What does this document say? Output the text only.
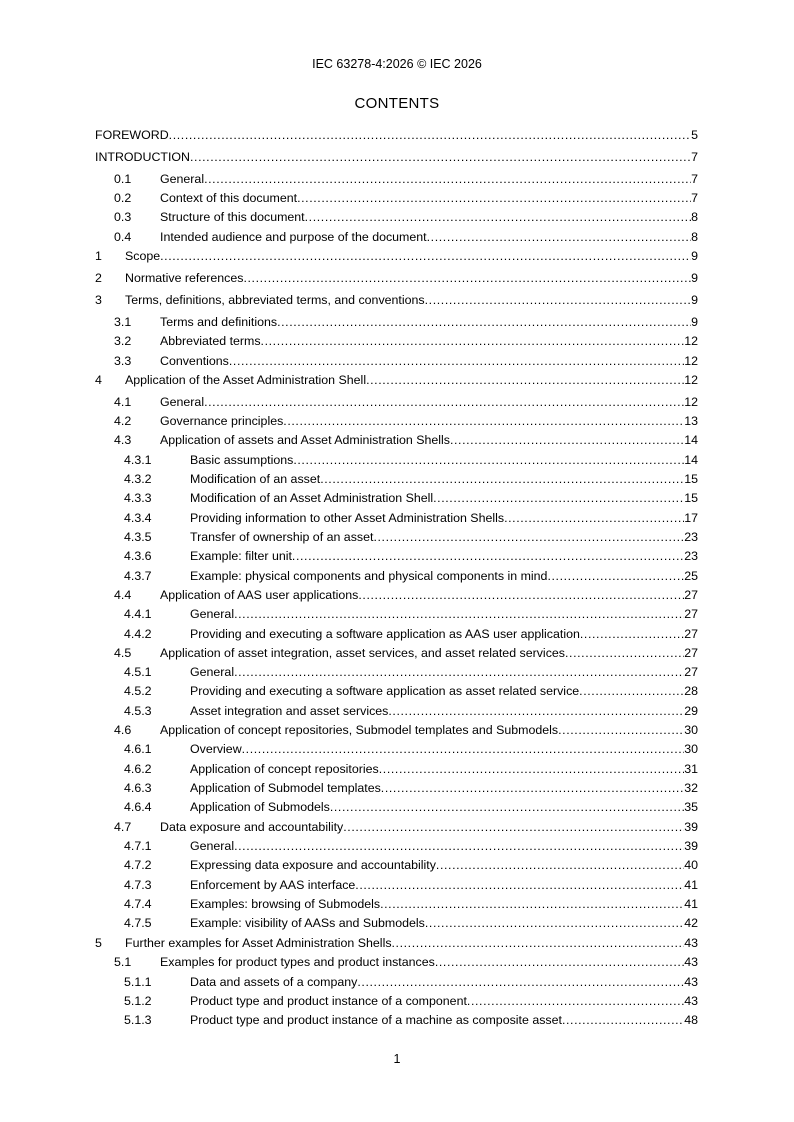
IEC 63278-4:2026 © IEC 2026
CONTENTS
FOREWORD .....	5
INTRODUCTION .....	7
0.1	General .....	7
0.2	Context of this document .....	7
0.3	Structure of this document .....	8
0.4	Intended audience and purpose of the document .....	8
1	Scope .....	9
2	Normative references .....	9
3	Terms, definitions, abbreviated terms, and conventions .....	9
3.1	Terms and definitions .....	9
3.2	Abbreviated terms .....	12
3.3	Conventions .....	12
4	Application of the Asset Administration Shell .....	12
4.1	General .....	12
4.2	Governance principles .....	13
4.3	Application of assets and Asset Administration Shells .....	14
4.3.1	Basic assumptions .....	14
4.3.2	Modification of an asset .....	15
4.3.3	Modification of an Asset Administration Shell .....	15
4.3.4	Providing information to other Asset Administration Shells .....	17
4.3.5	Transfer of ownership of an asset .....	23
4.3.6	Example: filter unit .....	23
4.3.7	Example: physical components and physical components in mind .....	25
4.4	Application of AAS user applications .....	27
4.4.1	General .....	27
4.4.2	Providing and executing a software application as AAS user application .....	27
4.5	Application of asset integration, asset services, and asset related services .....	27
4.5.1	General .....	27
4.5.2	Providing and executing a software application as asset related service .....	28
4.5.3	Asset integration and asset services .....	29
4.6	Application of concept repositories, Submodel templates and Submodels .....	30
4.6.1	Overview .....	30
4.6.2	Application of concept repositories .....	31
4.6.3	Application of Submodel templates .....	32
4.6.4	Application of Submodels .....	35
4.7	Data exposure and accountability .....	39
4.7.1	General .....	39
4.7.2	Expressing data exposure and accountability .....	40
4.7.3	Enforcement by AAS interface .....	41
4.7.4	Examples: browsing of Submodels .....	41
4.7.5	Example: visibility of AASs and Submodels .....	42
5	Further examples for Asset Administration Shells .....	43
5.1	Examples for product types and product instances .....	43
5.1.1	Data and assets of a company .....	43
5.1.2	Product type and product instance of a component .....	43
5.1.3	Product type and product instance of a machine as composite asset .....	48
1
